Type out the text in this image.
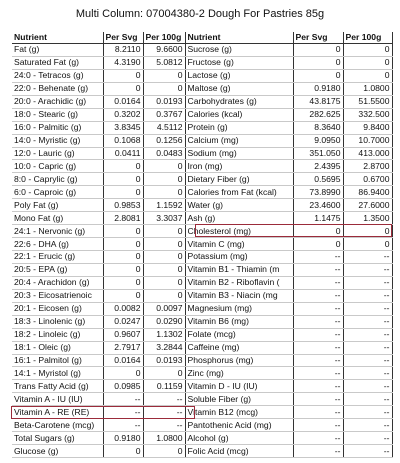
Multi Column: 07004380-2 Dough For Pastries 85g
Nutrient	Per Svg	Per 100g	Nutrient	Per Svg	Per 100g
Fat (g)	8.2110	9.6600	Sucrose (g)	0	0
Saturated Fat (g)	4.3190	5.0812	Fructose (g)	0	0
24:0 - Tetracos (g)	0	0	Lactose (g)	0	0
22:0 - Behenate (g)	0	0	Maltose (g)	0.9180	1.0800
20:0 - Arachidic (g)	0.0164	0.0193	Carbohydrates (g)	43.8175	51.5500
18:0 - Stearic (g)	0.3202	0.3767	Calories (kcal)	282.625	332.500
16:0 - Palmitic (g)	3.8345	4.5112	Protein (g)	8.3640	9.8400
14:0 - Myristic (g)	0.1068	0.1256	Calcium (mg)	9.0950	10.7000
12:0 - Lauric (g)	0.0411	0.0483	Sodium (mg)	351.050	413.000
10:0 - Capric (g)	0	0	Iron (mg)	2.4395	2.8700
8:0 - Caprylic (g)	0	0	Dietary Fiber (g)	0.5695	0.6700
6:0 - Caproic (g)	0	0	Calories from Fat (kcal)	73.8990	86.9400
Poly Fat (g)	0.9853	1.1592	Water (g)	23.4600	27.6000
Mono Fat (g)	2.8081	3.3037	Ash (g)	1.1475	1.3500
24:1 - Nervonic (g)	0	0	Cholesterol (mg)	0	0
22:6 - DHA (g)	0	0	Vitamin C (mg)	0	0
22:1 - Erucic (g)	0	0	Potassium (mg)	--	--
20:5 - EPA (g)	0	0	Vitamin B1 - Thiamin (m	--	--
20:4 - Arachidon (g)	0	0	Vitamin B2 - Riboflavin (	--	--
20:3 - Eicosatrienoic	0	0	Vitamin B3 - Niacin (mg	--	--
20:1 - Eicosen (g)	0.0082	0.0097	Magnesium (mg)	--	--
18:3 - Linolenic (g)	0.0247	0.0290	Vitamin B6 (mg)	--	--
18:2 - Linoleic (g)	0.9607	1.1302	Folate (mcg)	--	--
18:1 - Oleic (g)	2.7917	3.2844	Caffeine (mg)	--	--
16:1 - Palmitol (g)	0.0164	0.0193	Phosphorus (mg)	--	--
14:1 - Myristol (g)	0	0	Zinc (mg)	--	--
Trans Fatty Acid (g)	0.0985	0.1159	Vitamin D - IU (IU)	--	--
Vitamin A - IU (IU)	--	--	Soluble Fiber (g)	--	--
Vitamin A - RE (RE)	--	--	Vitamin B12 (mcg)	--	--
Beta-Carotene (mcg)	--	--	Pantothenic Acid (mg)	--	--
Total Sugars (g)	0.9180	1.0800	Alcohol (g)	--	--
Glucose (g)	0	0	Folic Acid (mcg)	--	--
